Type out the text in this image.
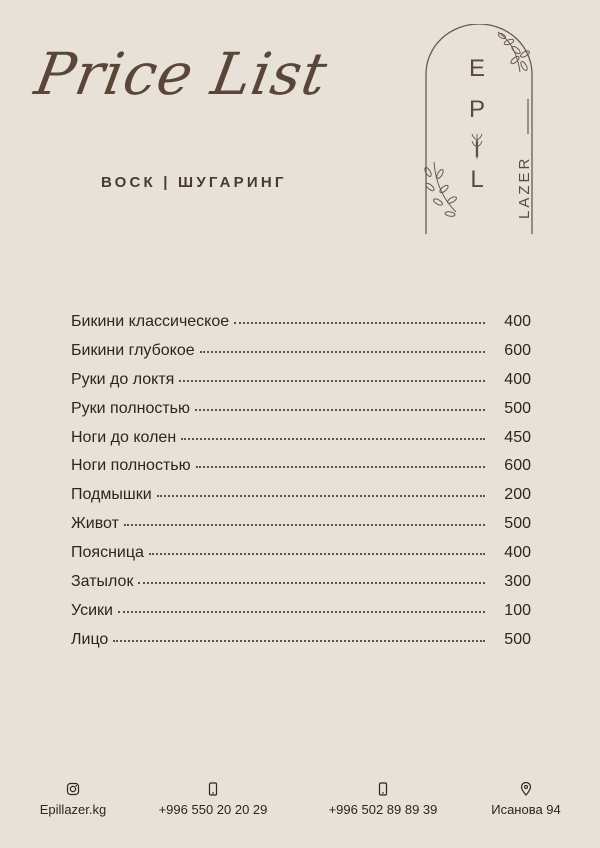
Price List
ВОСК | ШУГАРИНГ
E
P
I
L LAZER
Бикини классическое	400
Бикини глубокое	600
Руки до локтя	400
Руки полностью	500
Ноги до колен	450
Ноги полностью	600
Подмышки	200
Живот	500
Поясница	400
Затылок	300
Усики	100
Лицо	500
Epillazer.kg	+996 550 20 20 29	+996 502 89 89 39	Исанова 94
